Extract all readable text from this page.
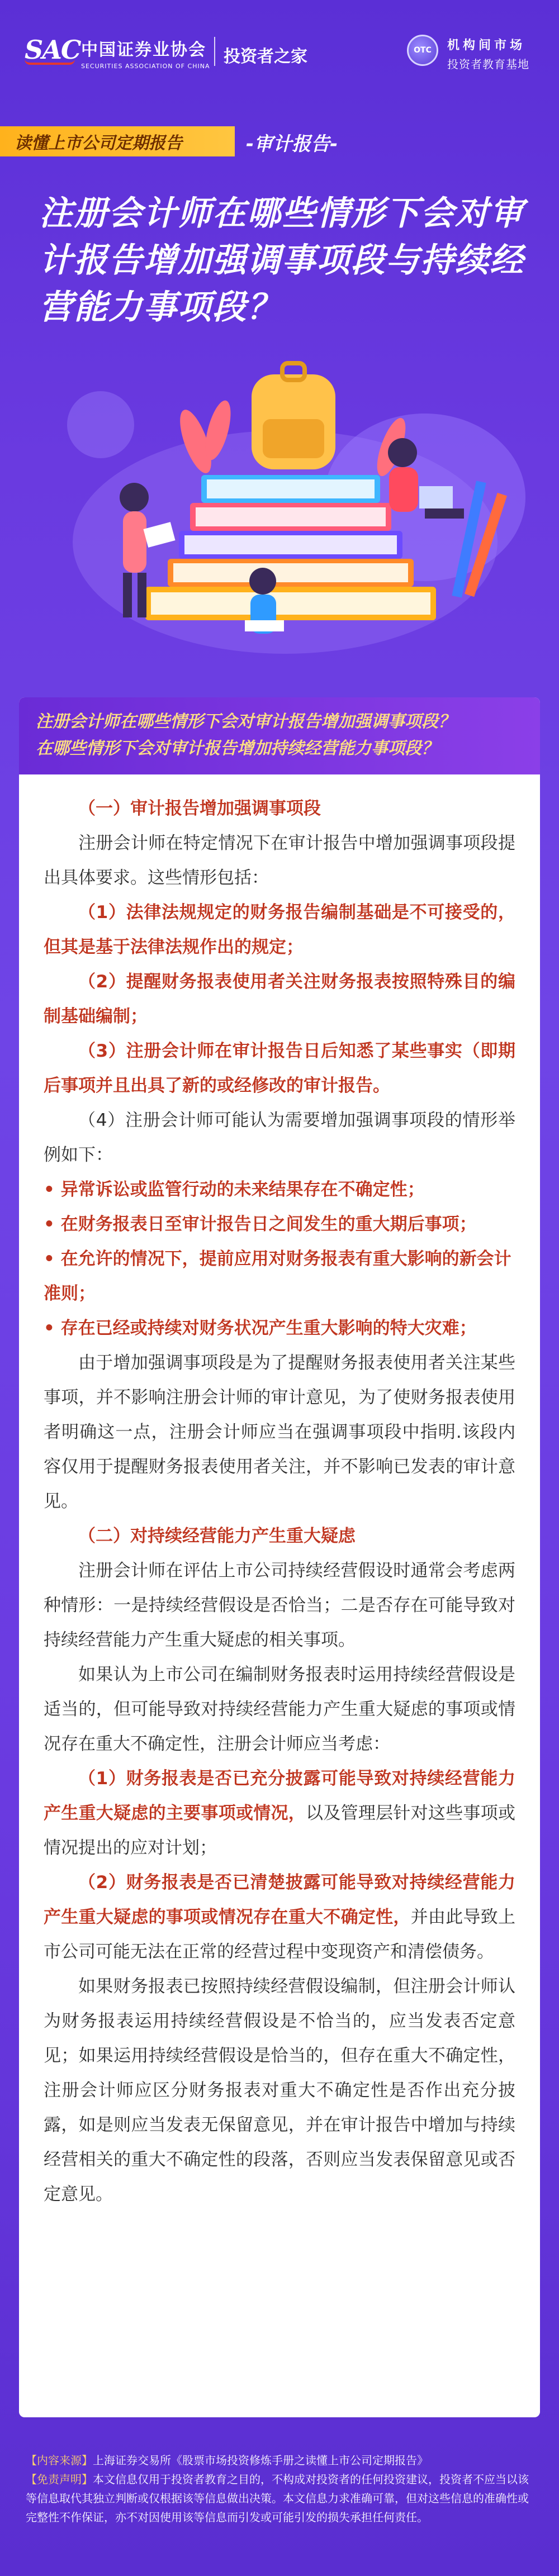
SAC 中国证券业协会
SECURITIES ASSOCIATION OF CHINA 投资者之家	OTC	机构间市场
投资者教育基地
读懂上市公司定期报告	-审计报告-
注册会计师在哪些情形下会对审计报告增加强调事项段与持续经营能力事项段？
注册会计师在哪些情形下会对审计报告增加强调事项段？
在哪些情形下会对审计报告增加持续经营能力事项段？
（一）审计报告增加强调事项段

注册会计师在特定情况下在审计报告中增加强调事项段提出具体要求。这些情形包括：

（1）法律法规规定的财务报告编制基础是不可接受的，但其是基于法律法规作出的规定；

（2）提醒财务报表使用者关注财务报表按照特殊目的编制基础编制；

（3）注册会计师在审计报告日后知悉了某些事实（即期后事项并且出具了新的或经修改的审计报告。

（4）注册会计师可能认为需要增加强调事项段的情形举例如下：

• 异常诉讼或监管行动的未来结果存在不确定性；

• 在财务报表日至审计报告日之间发生的重大期后事项；

• 在允许的情况下，提前应用对财务报表有重大影响的新会计准则；

• 存在已经或持续对财务状况产生重大影响的特大灾难；

由于增加强调事项段是为了提醒财务报表使用者关注某些事项，并不影响注册会计师的审计意见，为了使财务报表使用者明确这一点，注册会计师应当在强调事项段中指明.该段内容仅用于提醒财务报表使用者关注，并不影响已发表的审计意见。

（二）对持续经营能力产生重大疑虑

注册会计师在评估上市公司持续经营假设时通常会考虑两种情形：一是持续经营假设是否恰当；二是否存在可能导致对持续经营能力产生重大疑虑的相关事项。

如果认为上市公司在编制财务报表时运用持续经营假设是适当的，但可能导致对持续经营能力产生重大疑虑的事项或情况存在重大不确定性，注册会计师应当考虑：

（1）财务报表是否已充分披露可能导致对持续经营能力产生重大疑虑的主要事项或情况，以及管理层针对这些事项或情况提出的应对计划；

（2）财务报表是否已清楚披露可能导致对持续经营能力产生重大疑虑的事项或情况存在重大不确定性，并由此导致上市公司可能无法在正常的经营过程中变现资产和清偿债务。

如果财务报表已按照持续经营假设编制，但注册会计师认为财务报表运用持续经营假设是不恰当的，应当发表否定意见；如果运用持续经营假设是恰当的，但存在重大不确定性，注册会计师应区分财务报表对重大不确定性是否作出充分披露，如是则应当发表无保留意见，并在审计报告中增加与持续经营相关的重大不确定性的段落，否则应当发表保留意见或否定意见。

【内容来源】上海证券交易所《股票市场投资修炼手册之读懂上市公司定期报告》

【免责声明】本文信息仅用于投资者教育之目的，不构成对投资者的任何投资建议，投资者不应当以该等信息取代其独立判断或仅根据该等信息做出决策。本文信息力求准确可靠，但对这些信息的准确性或完整性不作保证，亦不对因使用该等信息而引发或可能引发的损失承担任何责任。
